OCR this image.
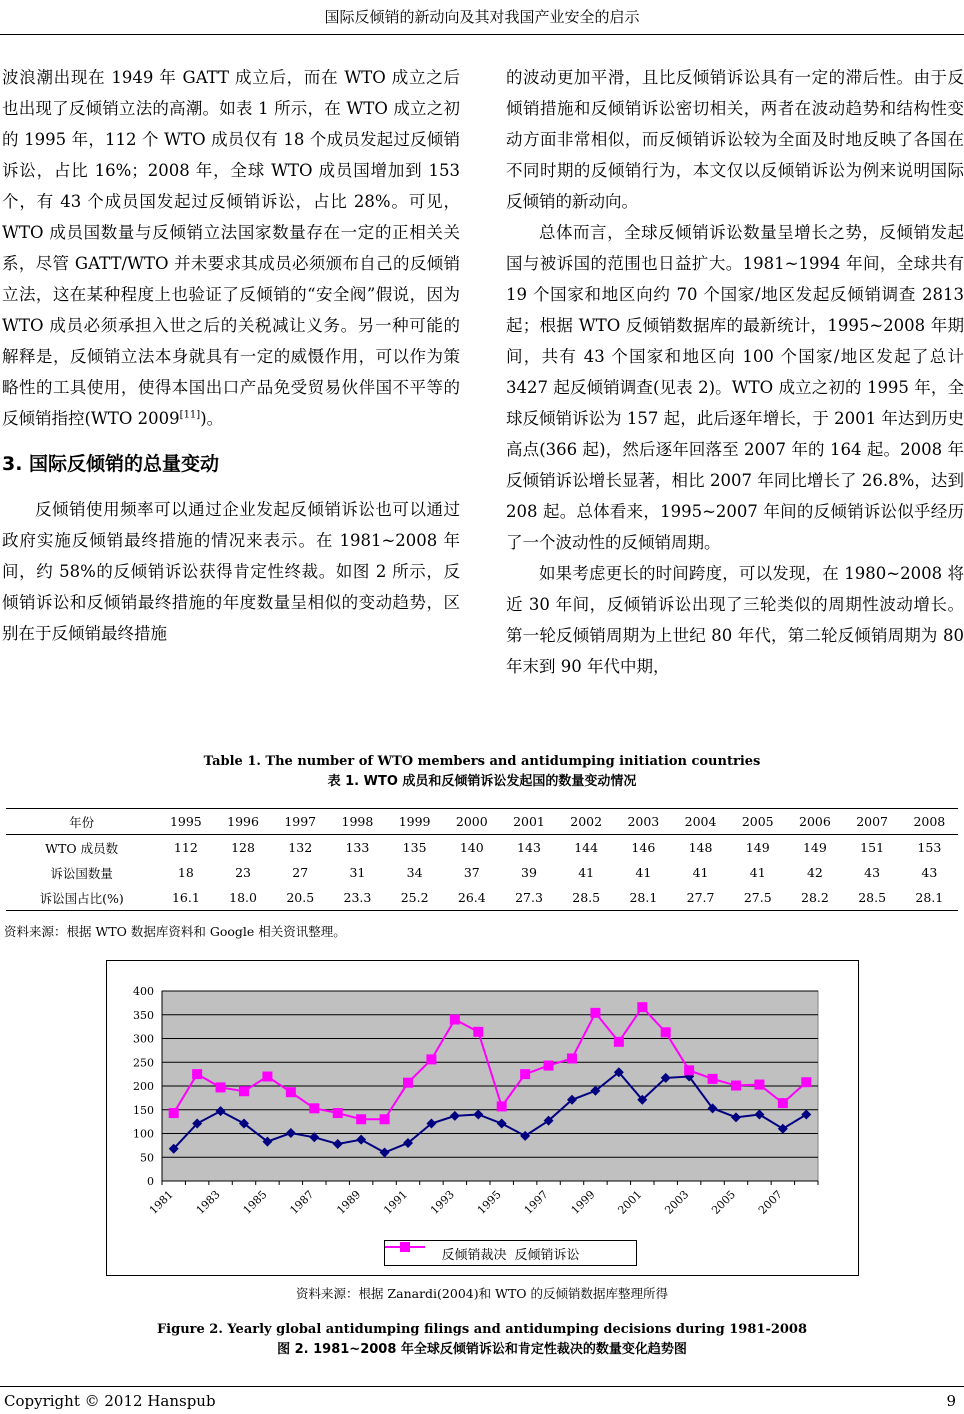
国际反倾销的新动向及其对我国产业安全的启示

波浪潮出现在 1949 年 GATT 成立后，而在 WTO 成立之后也出现了反倾销立法的高潮。如表 1 所示，在 WTO 成立之初的 1995 年，112 个 WTO 成员仅有 18 个成员发起过反倾销诉讼，占比 16%；2008 年，全球 WTO 成员国增加到 153 个，有 43 个成员国发起过反倾销诉讼，占比 28%。可见，WTO 成员国数量与反倾销立法国家数量存在一定的正相关关系，尽管 GATT/WTO 并未要求其成员必须颁布自己的反倾销立法，这在某种程度上也验证了反倾销的“安全阀”假说，因为 WTO 成员必须承担入世之后的关税减让义务。另一种可能的解释是，反倾销立法本身就具有一定的威慑作用，可以作为策略性的工具使用，使得本国出口产品免受贸易伙伴国不平等的反倾销指控(WTO 2009[11])。

3. 国际反倾销的总量变动

反倾销使用频率可以通过企业发起反倾销诉讼也可以通过政府实施反倾销最终措施的情况来表示。在 1981~2008 年间，约 58%的反倾销诉讼获得肯定性终裁。如图 2 所示，反倾销诉讼和反倾销最终措施的年度数量呈相似的变动趋势，区别在于反倾销最终措施

的波动更加平滑，且比反倾销诉讼具有一定的滞后性。由于反倾销措施和反倾销诉讼密切相关，两者在波动趋势和结构性变动方面非常相似，而反倾销诉讼较为全面及时地反映了各国在不同时期的反倾销行为，本文仅以反倾销诉讼为例来说明国际反倾销的新动向。

总体而言，全球反倾销诉讼数量呈增长之势，反倾销发起国与被诉国的范围也日益扩大。1981~1994 年间，全球共有 19 个国家和地区向约 70 个国家/地区发起反倾销调查 2813 起；根据 WTO 反倾销数据库的最新统计，1995~2008 年期间，共有 43 个国家和地区向 100 个国家/地区发起了总计 3427 起反倾销调查(见表 2)。WTO 成立之初的 1995 年，全球反倾销诉讼为 157 起，此后逐年增长，于 2001 年达到历史高点(366 起)，然后逐年回落至 2007 年的 164 起。2008 年反倾销诉讼增长显著，相比 2007 年同比增长了 26.8%，达到 208 起。总体看来，1995~2007 年间的反倾销诉讼似乎经历了一个波动性的反倾销周期。

如果考虑更长的时间跨度，可以发现，在 1980~2008 将近 30 年间，反倾销诉讼出现了三轮类似的周期性波动增长。第一轮反倾销周期为上世纪 80 年代，第二轮反倾销周期为 80 年末到 90 年代中期，

Table 1. The number of WTO members and antidumping initiation countries
表 1. WTO 成员和反倾销诉讼发起国的数量变动情况
年份	1995	1996	1997	1998	1999	2000	2001	2002	2003	2004	2005	2006	2007	2008
WTO 成员数	112	128	132	133	135	140	143	144	146	148	149	149	151	153
诉讼国数量	18	23	27	31	34	37	39	41	41	41	41	42	43	43
诉讼国占比(%)	16.1	18.0	20.5	23.3	25.2	26.4	27.3	28.5	28.1	27.7	27.5	28.2	28.5	28.1
资料来源：根据 WTO 数据库资料和 Google 相关资讯整理。
0
50
100
150
200
250
300
350
400
1981 1983 1985 1987 1989 1991 1993 1995 1997 1999 2001 2003 2005 2007
反倾销裁决 反倾销诉讼
资料来源：根据 Zanardi(2004)和 WTO 的反倾销数据库整理所得
Figure 2. Yearly global antidumping filings and antidumping decisions during 1981-2008
图 2. 1981~2008 年全球反倾销诉讼和肯定性裁决的数量变化趋势图
Copyright © 2012 Hanspub	9
